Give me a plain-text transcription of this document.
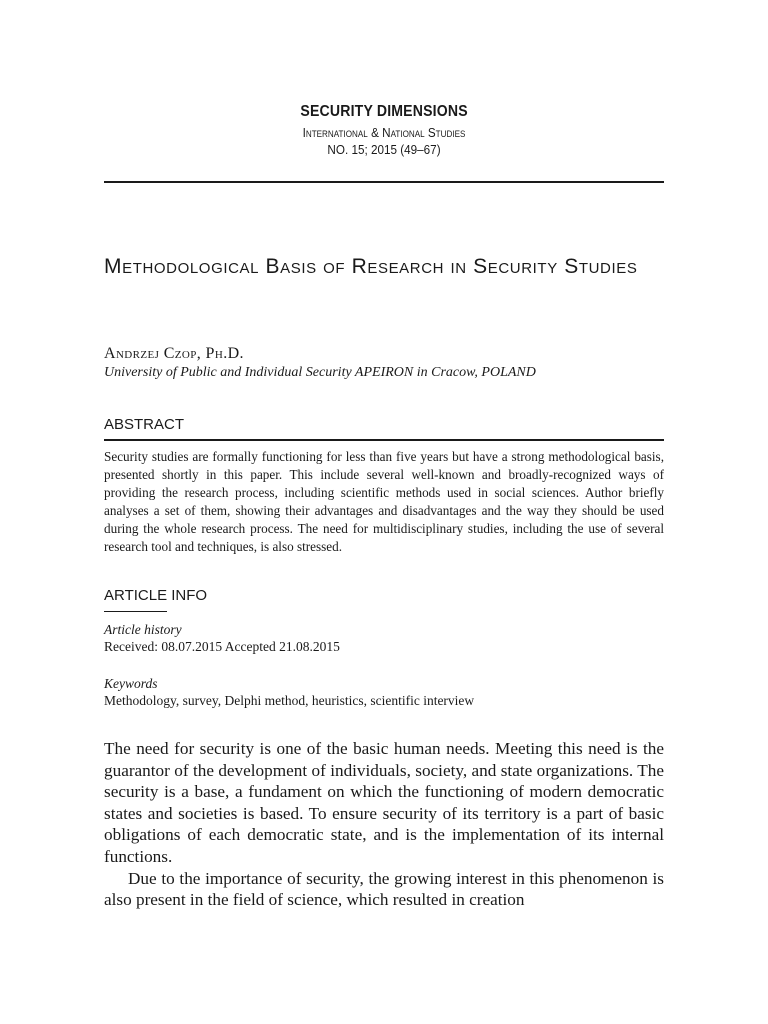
SECURITY DIMENSIONS
International & National Studies
NO. 15; 2015 (49–67)
Methodological Basis of Research in Security Studies
Andrzej Czop, Ph.D.
University of Public and Individual Security APEIRON in Cracow, POLAND
ABSTRACT
Security studies are formally functioning for less than five years but have a strong methodological basis, presented shortly in this paper. This include several well-known and broadly-recognized ways of providing the research process, including scientific methods used in social sciences. Author briefly analyses a set of them, showing their advantages and disadvantages and the way they should be used during the whole research process. The need for multidisciplinary studies, including the use of several research tool and techniques, is also stressed.
ARTICLE INFO
Article history
Received: 08.07.2015 Accepted 21.08.2015
Keywords
Methodology, survey, Delphi method, heuristics, scientific interview

The need for security is one of the basic human needs. Meeting this need is the guarantor of the development of individuals, society, and state organizations. The security is a base, a fundament on which the functioning of modern democratic states and societies is based. To ensure security of its territory is a part of basic obligations of each democratic state, and is the implementation of its internal functions.

Due to the importance of security, the growing interest in this phenomenon is also present in the field of science, which resulted in creation
